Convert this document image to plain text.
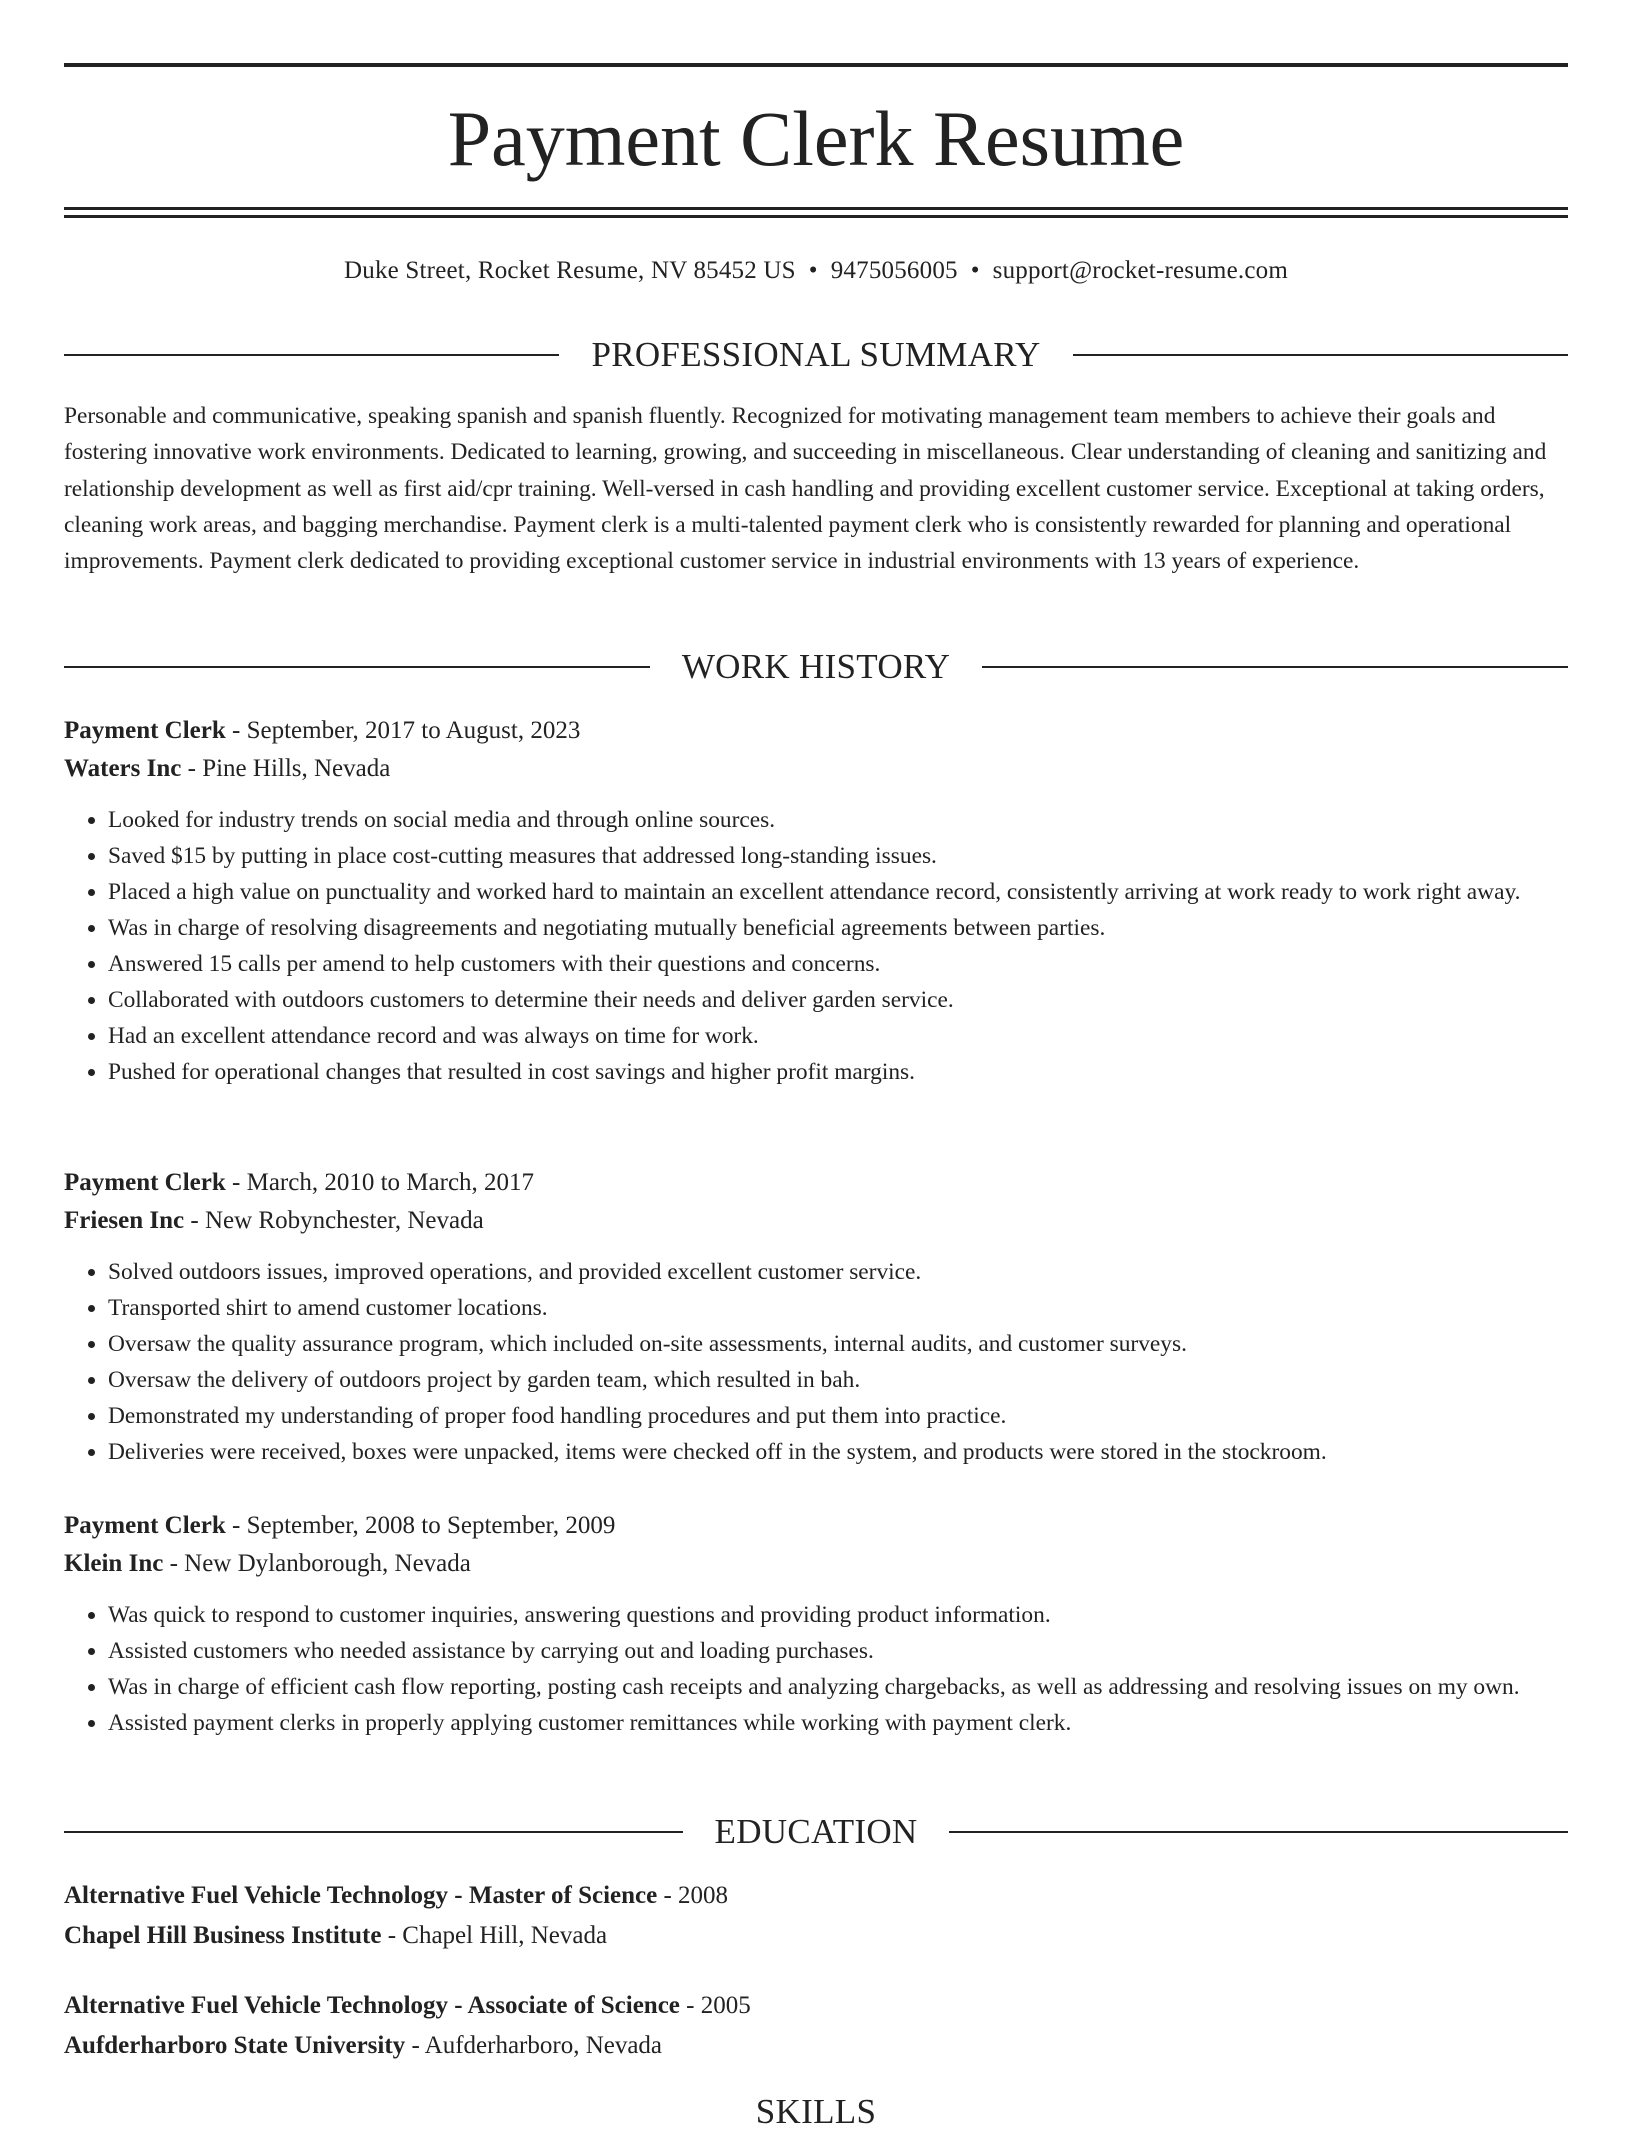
Payment Clerk Resume
Duke Street, Rocket Resume, NV 85452 US • 9475056005 • support@rocket-resume.com
PROFESSIONAL SUMMARY

Personable and communicative, speaking spanish and spanish fluently. Recognized for motivating management team members to achieve their goals and fostering innovative work environments. Dedicated to learning, growing, and succeeding in miscellaneous. Clear understanding of cleaning and sanitizing and relationship development as well as first aid/cpr training. Well-versed in cash handling and providing excellent customer service. Exceptional at taking orders, cleaning work areas, and bagging merchandise. Payment clerk is a multi-talented payment clerk who is consistently rewarded for planning and operational improvements. Payment clerk dedicated to providing exceptional customer service in industrial environments with 13 years of experience.

WORK HISTORY
Payment Clerk - September, 2017 to August, 2023
Waters Inc - Pine Hills, Nevada
• Looked for industry trends on social media and through online sources.
• Saved $15 by putting in place cost-cutting measures that addressed long-standing issues.
• Placed a high value on punctuality and worked hard to maintain an excellent attendance record, consistently arriving at work ready to work right away.
• Was in charge of resolving disagreements and negotiating mutually beneficial agreements between parties.
• Answered 15 calls per amend to help customers with their questions and concerns.
• Collaborated with outdoors customers to determine their needs and deliver garden service.
• Had an excellent attendance record and was always on time for work.
• Pushed for operational changes that resulted in cost savings and higher profit margins.
Payment Clerk - March, 2010 to March, 2017
Friesen Inc - New Robynchester, Nevada
• Solved outdoors issues, improved operations, and provided excellent customer service.
• Transported shirt to amend customer locations.
• Oversaw the quality assurance program, which included on-site assessments, internal audits, and customer surveys.
• Oversaw the delivery of outdoors project by garden team, which resulted in bah.
• Demonstrated my understanding of proper food handling procedures and put them into practice.
• Deliveries were received, boxes were unpacked, items were checked off in the system, and products were stored in the stockroom.
Payment Clerk - September, 2008 to September, 2009
Klein Inc - New Dylanborough, Nevada
• Was quick to respond to customer inquiries, answering questions and providing product information.
• Assisted customers who needed assistance by carrying out and loading purchases.
• Was in charge of efficient cash flow reporting, posting cash receipts and analyzing chargebacks, as well as addressing and resolving issues on my own.
• Assisted payment clerks in properly applying customer remittances while working with payment clerk.
EDUCATION
Alternative Fuel Vehicle Technology - Master of Science - 2008
Chapel Hill Business Institute - Chapel Hill, Nevada
Alternative Fuel Vehicle Technology - Associate of Science - 2005
Aufderharboro State University - Aufderharboro, Nevada
SKILLS
